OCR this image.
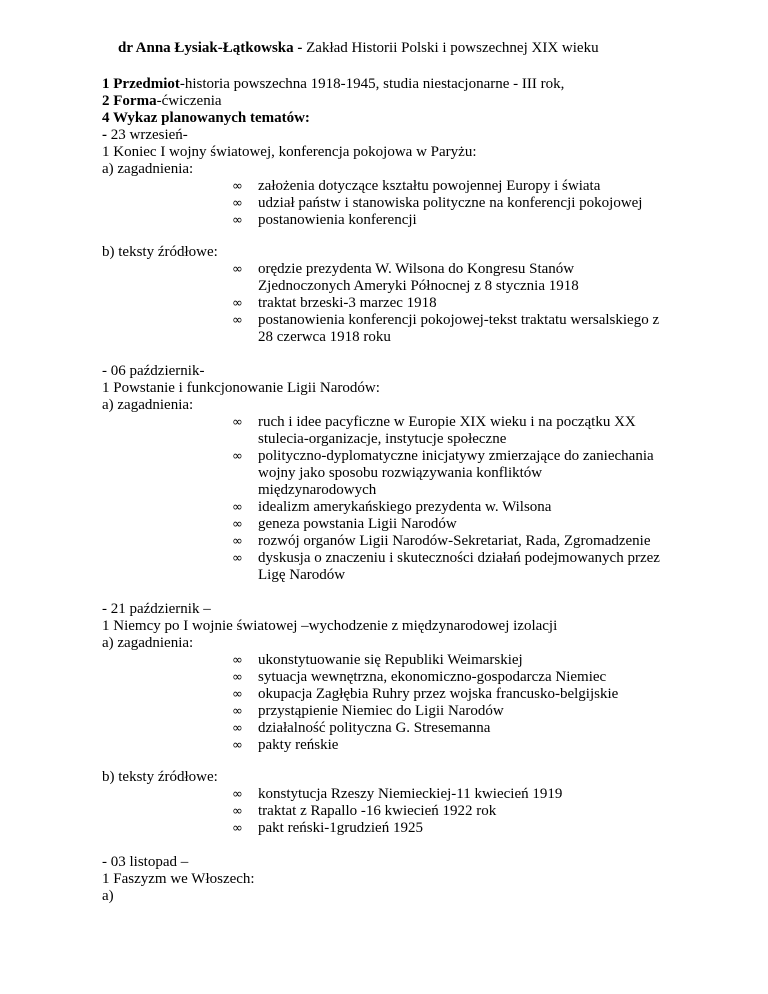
dr Anna Łysiak-Łątkowska - Zakład Historii Polski i powszechnej XIX wieku
1 Przedmiot-historia powszechna 1918-1945, studia niestacjonarne - III rok,
2 Forma-ćwiczenia
4 Wykaz planowanych tematów:
- 23 wrzesień-
1 Koniec I wojny światowej, konferencja pokojowa w Paryżu:
a) zagadnienia:
∞	założenia dotyczące kształtu powojennej Europy i świata
∞	udział państw i stanowiska polityczne na konferencji pokojowej
∞	postanowienia konferencji
b) teksty źródłowe:
∞	orędzie prezydenta W. Wilsona do Kongresu Stanów
Zjednoczonych Ameryki Północnej z 8 stycznia 1918
∞	traktat brzeski-3 marzec 1918
∞	postanowienia konferencji pokojowej-tekst traktatu wersalskiego z
28 czerwca 1918 roku
- 06 październik-
1 Powstanie i funkcjonowanie Ligii Narodów:
a) zagadnienia:
∞	ruch i idee pacyficzne w Europie XIX wieku i na początku XX
stulecia-organizacje, instytucje społeczne
∞	polityczno-dyplomatyczne inicjatywy zmierzające do zaniechania
wojny jako sposobu rozwiązywania konfliktów
międzynarodowych
∞	idealizm amerykańskiego prezydenta w. Wilsona
∞	geneza powstania Ligii Narodów
∞	rozwój organów Ligii Narodów-Sekretariat, Rada, Zgromadzenie
∞	dyskusja o znaczeniu i skuteczności działań podejmowanych przez
Ligę Narodów
- 21 październik –
1 Niemcy po I wojnie światowej –wychodzenie z międzynarodowej izolacji
a) zagadnienia:
∞	ukonstytuowanie się Republiki Weimarskiej
∞	sytuacja wewnętrzna, ekonomiczno-gospodarcza Niemiec
∞	okupacja Zagłębia Ruhry przez wojska francusko-belgijskie
∞	przystąpienie Niemiec do Ligii Narodów
∞	działalność polityczna G. Stresemanna
∞	pakty reńskie
b) teksty źródłowe:
∞	konstytucja Rzeszy Niemieckiej-11 kwiecień 1919
∞	traktat z Rapallo -16 kwiecień 1922 rok
∞	pakt reński-1grudzień 1925
- 03 listopad –
1 Faszyzm we Włoszech:
a)
